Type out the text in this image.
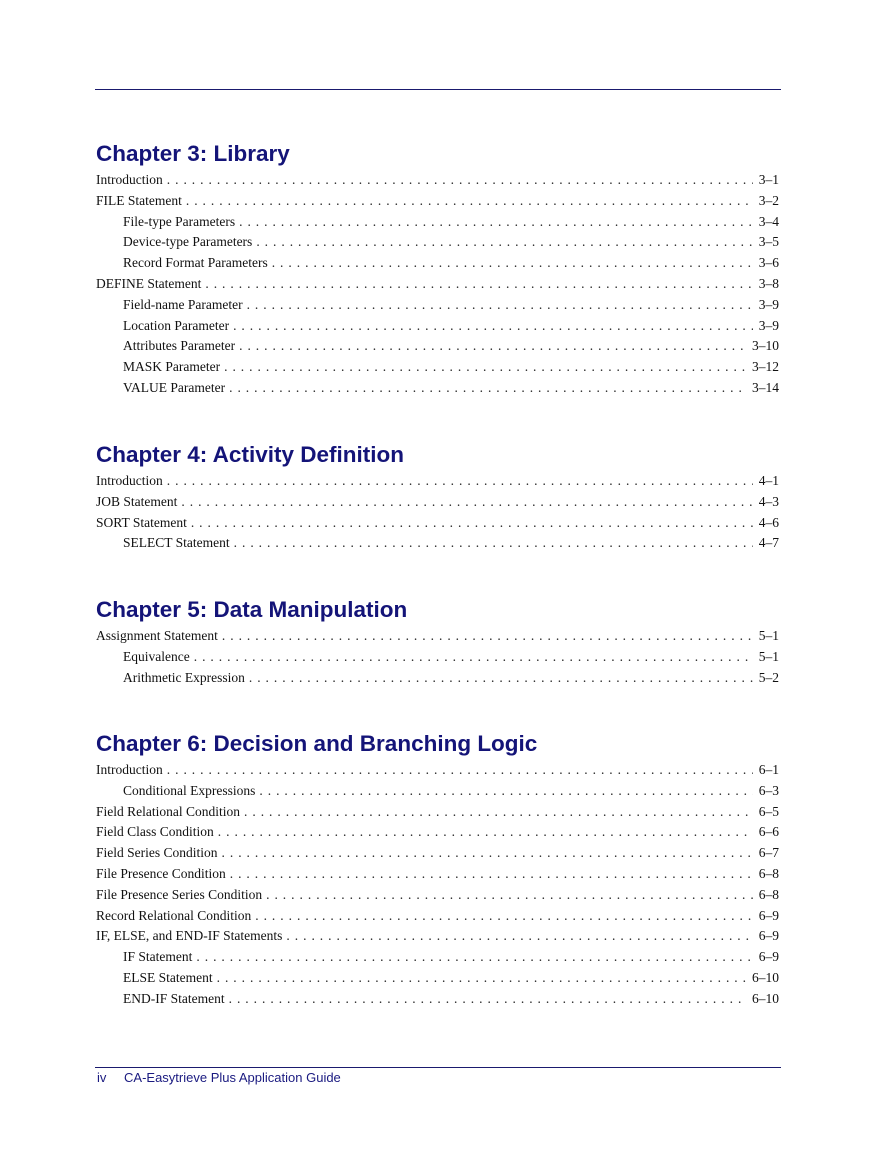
Chapter 3: Library
Introduction . . .	3–1
FILE Statement . . .	3–2
File-type Parameters . . .	3–4
Device-type Parameters . . .	3–5
Record Format Parameters . . .	3–6
DEFINE Statement . . .	3–8
Field-name Parameter . . .	3–9
Location Parameter . . .	3–9
Attributes Parameter . . .	3–10
MASK Parameter . . .	3–12
VALUE Parameter . . .	3–14
Chapter 4: Activity Definition
Introduction . . .	4–1
JOB Statement . . .	4–3
SORT Statement . . .	4–6
SELECT Statement . . .	4–7
Chapter 5: Data Manipulation
Assignment Statement . . .	5–1
Equivalence . . .	5–1
Arithmetic Expression . . .	5–2
Chapter 6: Decision and Branching Logic
Introduction . . .	6–1
Conditional Expressions . . .	6–3
Field Relational Condition . . .	6–5
Field Class Condition . . .	6–6
Field Series Condition . . .	6–7
File Presence Condition . . .	6–8
File Presence Series Condition . . .	6–8
Record Relational Condition . . .	6–9
IF, ELSE, and END-IF Statements . . .	6–9
IF Statement . . .	6–9
ELSE Statement . . .	6–10
END-IF Statement . . .	6–10
iv CA-Easytrieve Plus Application Guide
